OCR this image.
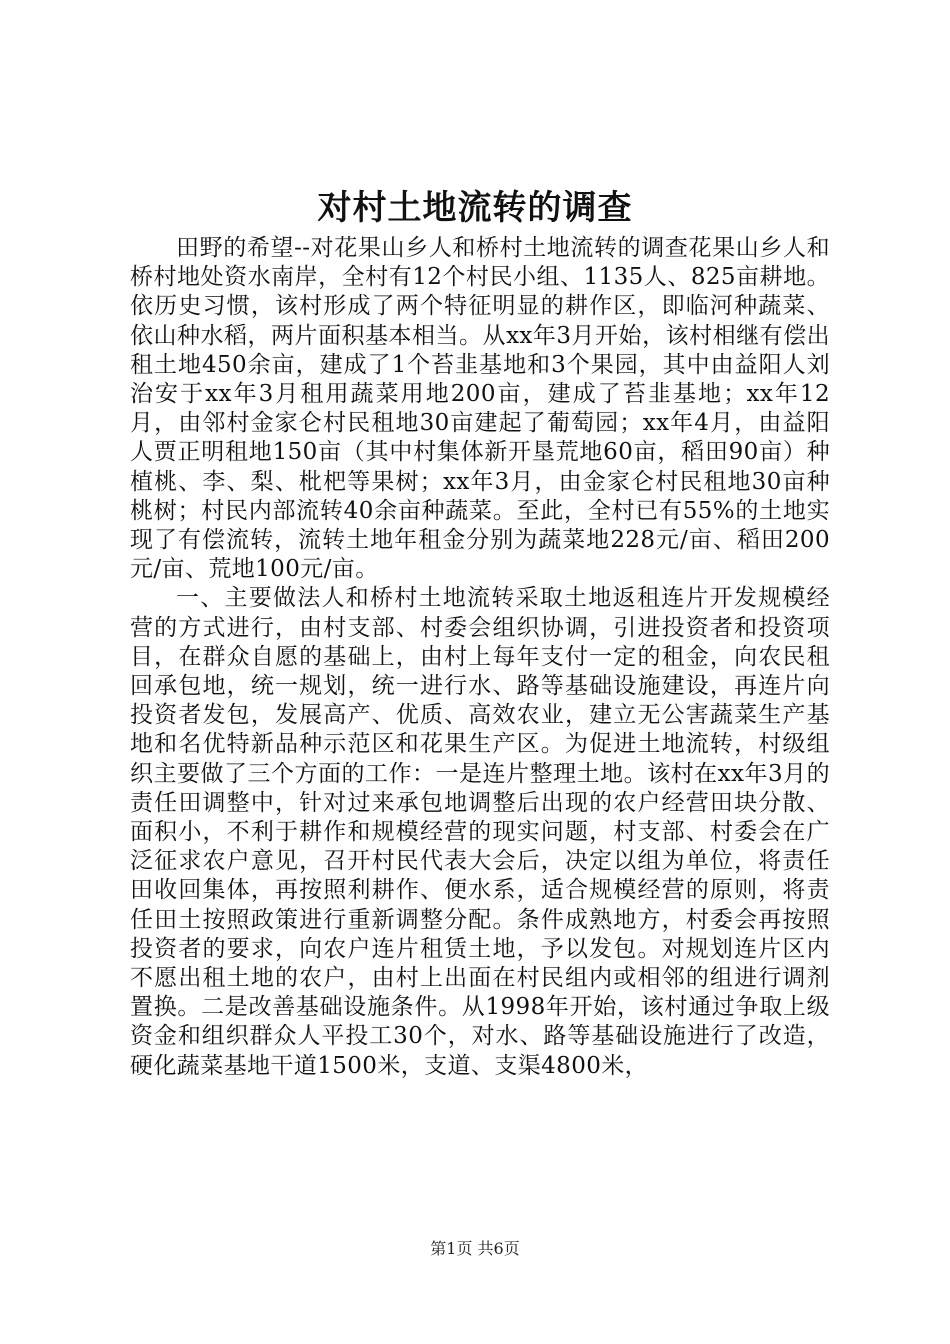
对村土地流转的调查

田野的希望--对花果山乡人和桥村土地流转的调查花果山乡人和桥村地处资水南岸，全村有12个村民小组、1135人、825亩耕地。依历史习惯，该村形成了两个特征明显的耕作区，即临河种蔬菜、依山种水稻，两片面积基本相当。从xx年3月开始，该村相继有偿出租土地450余亩，建成了1个苔韭基地和3个果园，其中由益阳人刘治安于xx年3月租用蔬菜用地200亩，建成了苔韭基地；xx年12月，由邻村金家仑村民租地30亩建起了葡萄园；xx年4月，由益阳人贾正明租地150亩（其中村集体新开垦荒地60亩，稻田90亩）种植桃、李、梨、枇杷等果树；xx年3月，由金家仑村民租地30亩种桃树；村民内部流转40余亩种蔬菜。至此，全村已有55%的土地实现了有偿流转，流转土地年租金分别为蔬菜地228元/亩、稻田200元/亩、荒地100元/亩。

一、主要做法人和桥村土地流转采取土地返租连片开发规模经营的方式进行，由村支部、村委会组织协调，引进投资者和投资项目，在群众自愿的基础上，由村上每年支付一定的租金，向农民租回承包地，统一规划，统一进行水、路等基础设施建设，再连片向投资者发包，发展高产、优质、高效农业，建立无公害蔬菜生产基地和名优特新品种示范区和花果生产区。为促进土地流转，村级组织主要做了三个方面的工作：一是连片整理土地。该村在xx年3月的责任田调整中，针对过来承包地调整后出现的农户经营田块分散、面积小，不利于耕作和规模经营的现实问题，村支部、村委会在广泛征求农户意见，召开村民代表大会后，决定以组为单位，将责任田收回集体，再按照利耕作、便水系，适合规模经营的原则，将责任田土按照政策进行重新调整分配。条件成熟地方，村委会再按照投资者的要求，向农户连片租赁土地，予以发包。对规划连片区内不愿出租土地的农户，由村上出面在村民组内或相邻的组进行调剂置换。二是改善基础设施条件。从1998年开始，该村通过争取上级资金和组织群众人平投工30个，对水、路等基础设施进行了改造，硬化蔬菜基地干道1500米，支道、支渠4800米，

第1页 共6页
